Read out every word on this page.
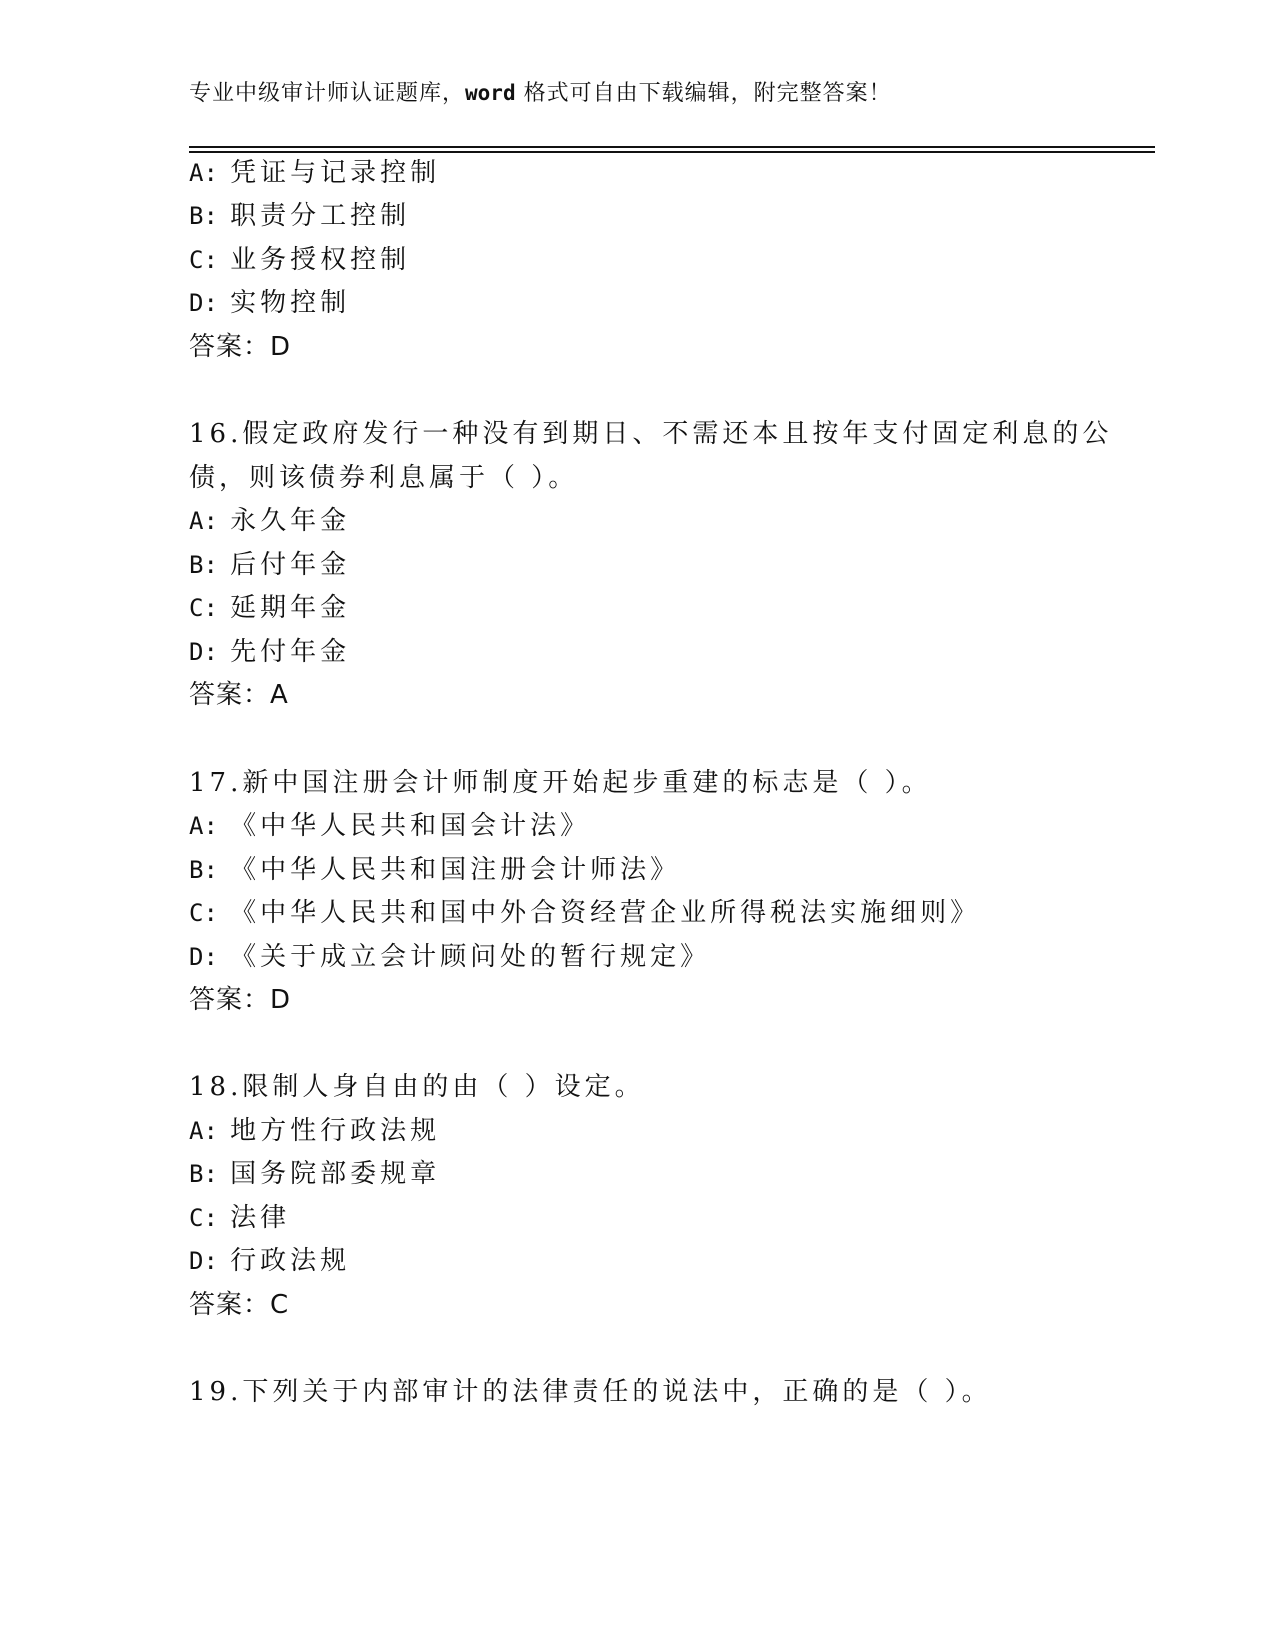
专业中级审计师认证题库，word 格式可自由下载编辑，附完整答案！
A: 凭证与记录控制
B: 职责分工控制
C: 业务授权控制
D: 实物控制
答案：D
16.假定政府发行一种没有到期日、不需还本且按年支付固定利息的公
债，则该债券利息属于（ ）。
A: 永久年金
B: 后付年金
C: 延期年金
D: 先付年金
答案：A
17.新中国注册会计师制度开始起步重建的标志是（ ）。
A: 《中华人民共和国会计法》
B: 《中华人民共和国注册会计师法》
C: 《中华人民共和国中外合资经营企业所得税法实施细则》
D: 《关于成立会计顾问处的暂行规定》
答案：D
18.限制人身自由的由（ ）设定。
A: 地方性行政法规
B: 国务院部委规章
C: 法律
D: 行政法规
答案：C
19.下列关于内部审计的法律责任的说法中，正确的是（ ）。
